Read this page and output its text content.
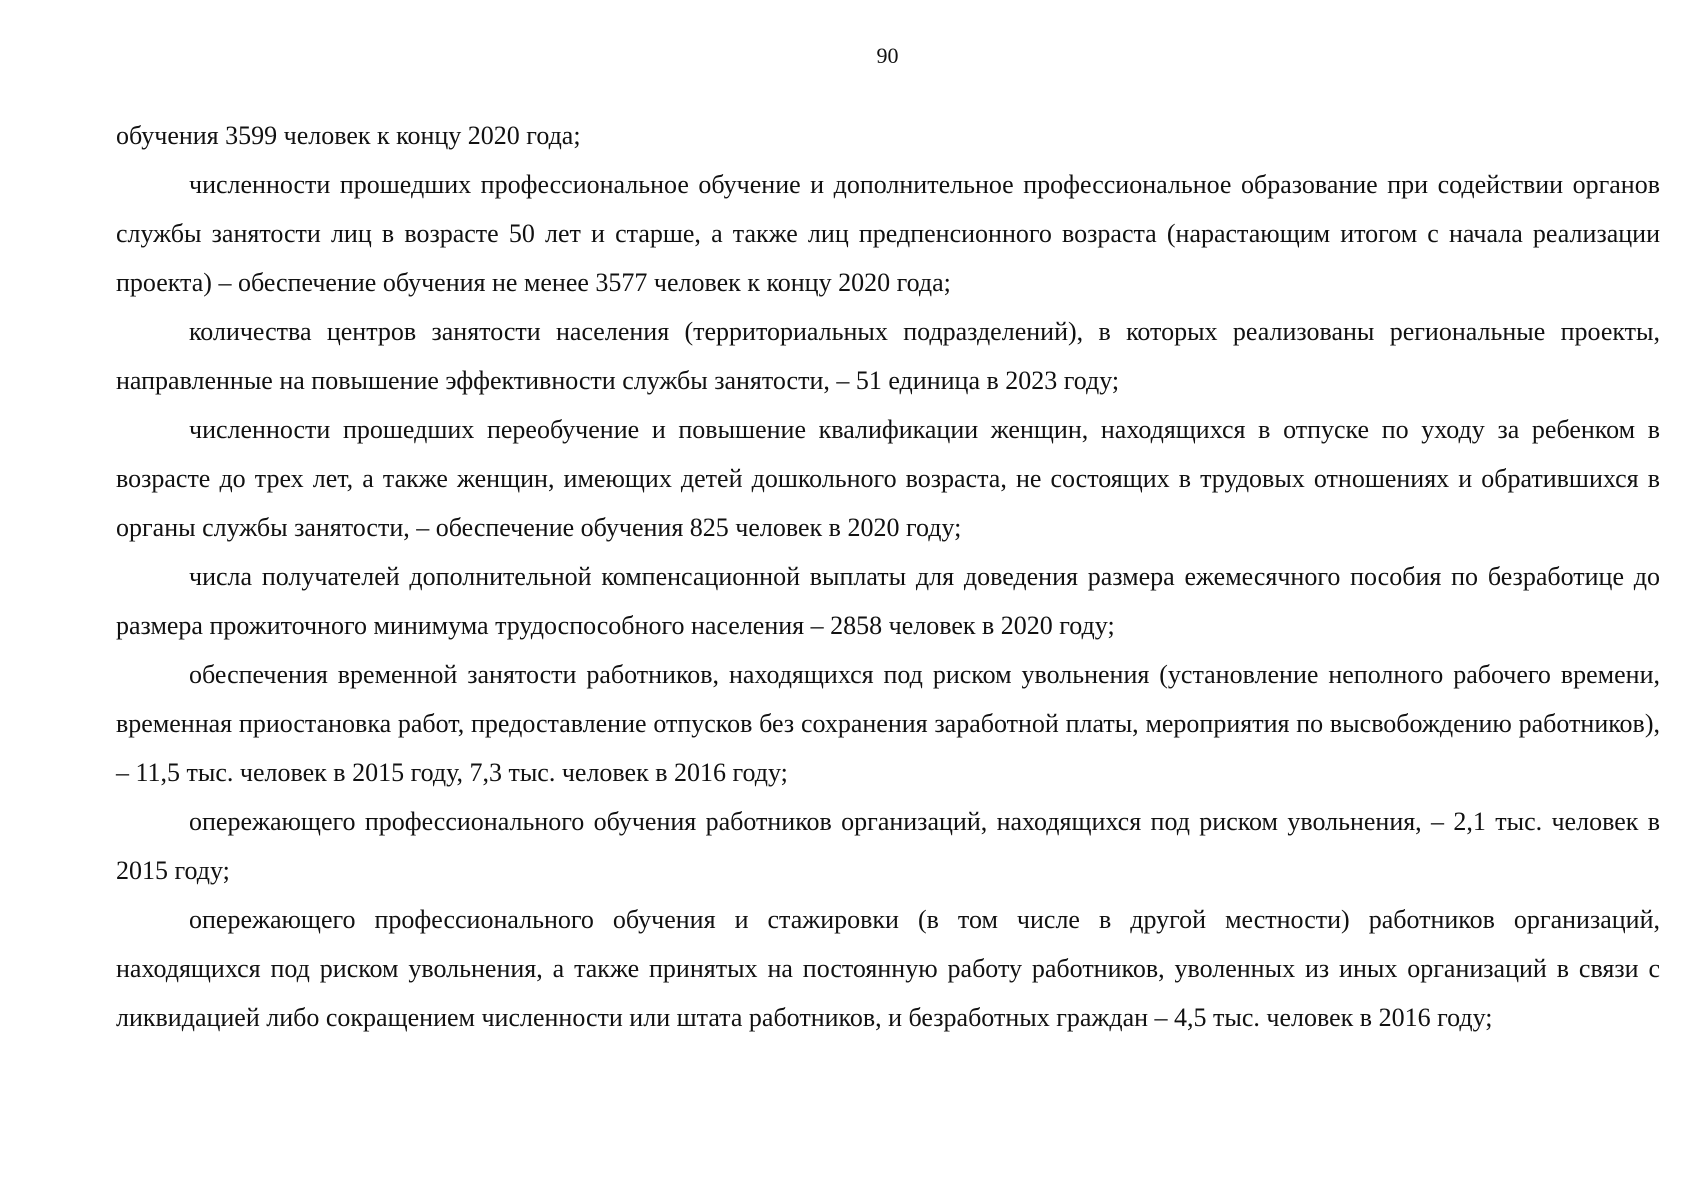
90

обучения 3599 человек к концу 2020 года;

численности прошедших профессиональное обучение и дополнительное профессиональное образование при содействии органов службы занятости лиц в возрасте 50 лет и старше, а также лиц предпенсионного возраста (нарастающим итогом с начала реализации проекта) – обеспечение обучения не менее 3577 человек к концу 2020 года;

количества центров занятости населения (территориальных подразделений), в которых реализованы региональные проекты, направленные на повышение эффективности службы занятости, – 51 единица в 2023 году;

численности прошедших переобучение и повышение квалификации женщин, находящихся в отпуске по уходу за ребенком в возрасте до трех лет, а также женщин, имеющих детей дошкольного возраста, не состоящих в трудовых отношениях и обратившихся в органы службы занятости, – обеспечение обучения 825 человек в 2020 году;

числа получателей дополнительной компенсационной выплаты для доведения размера ежемесячного пособия по безработице до размера прожиточного минимума трудоспособного населения – 2858 человек в 2020 году;

обеспечения временной занятости работников, находящихся под риском увольнения (установление неполного рабочего времени, временная приостановка работ, предоставление отпусков без сохранения заработной платы, мероприятия по высвобождению работников), – 11,5 тыс. человек в 2015 году, 7,3 тыс. человек в 2016 году;

опережающего профессионального обучения работников организаций, находящихся под риском увольнения, – 2,1 тыс. человек в 2015 году;

опережающего профессионального обучения и стажировки (в том числе в другой местности) работников организаций, находящихся под риском увольнения, а также принятых на постоянную работу работников, уволенных из иных организаций в связи с ликвидацией либо сокращением численности или штата работников, и безработных граждан – 4,5 тыс. человек в 2016 году;
